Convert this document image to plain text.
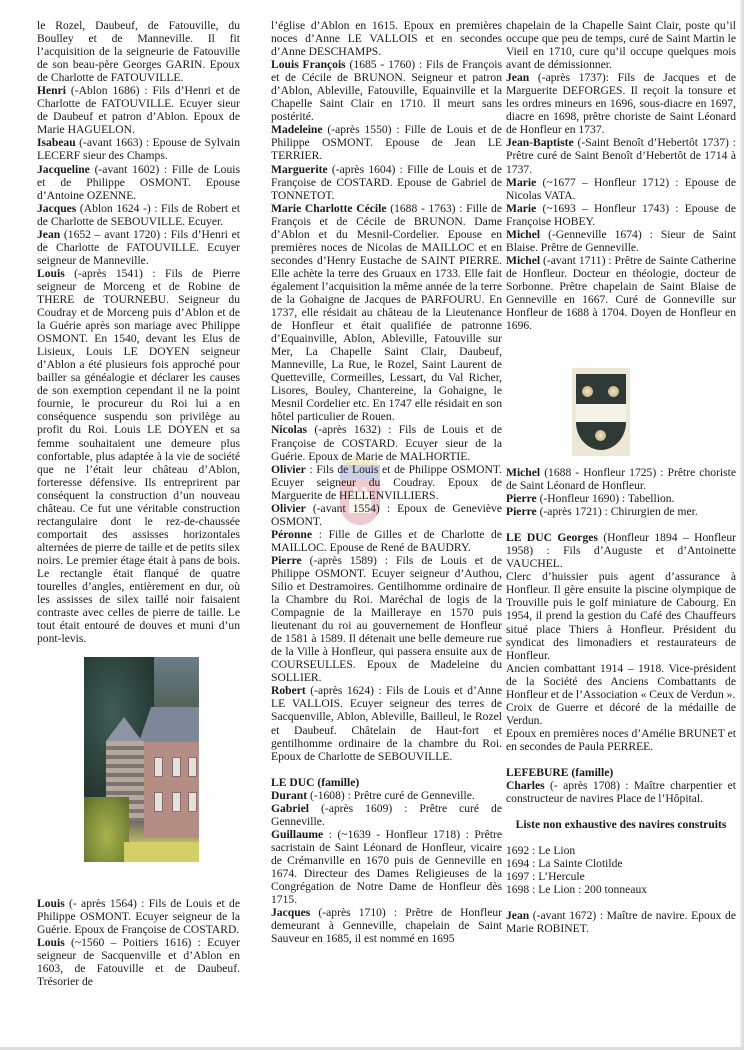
le Rozel, Daubeuf, de Fatouville, du Boulley et de Manneville. Il fit l’acquisition de la seigneurie de Fatouville de son beau-père Georges GARIN. Epoux de Charlotte de FATOUVILLE.

Henri (-Ablon 1686) : Fils d’Henri et de Charlotte de FATOUVILLE. Ecuyer sieur de Daubeuf et patron d’Ablon. Epoux de Marie HAGUELON.

Isabeau (-avant 1663) : Epouse de Sylvain LECERF sieur des Champs.

Jacqueline (-avant 1602) : Fille de Louis et de Philippe OSMONT. Epouse d’Antoine OZENNE.

Jacques (Ablon 1624 -) : Fils de Robert et de Charlotte de SEBOUVILLE. Ecuyer.

Jean (1652 – avant 1720) : Fils d’Henri et de Charlotte de FATOUVILLE. Ecuyer seigneur de Manneville.

Louis (-après 1541) : Fils de Pierre seigneur de Morceng et de Robine de THERE de TOURNEBU. Seigneur du Coudray et de Morceng puis d’Ablon et de la Guérie après son mariage avec Philippe OSMONT. En 1540, devant les Elus de Lisieux, Louis LE DOYEN seigneur d’Ablon a été plusieurs fois approché pour bailler sa généalogie et déclarer les causes de son exemption cependant il ne la point fournie, le procureur du Roi lui a en conséquence suspendu son privilège au profit du Roi. Louis LE DOYEN et sa femme souhaitaient une demeure plus confortable, plus adaptée à la vie de société que ne l’était leur château d’Ablon, forteresse défensive. Ils entreprirent par conséquent la construction d’un nouveau château. Ce fut une véritable construction rectangulaire dont le rez-de-chaussée comportait des assisses horizontales alternées de pierre de taille et de petits silex noirs. Le premier étage était à pans de bois. Le rectangle était flanqué de quatre tourelles d’angles, entièrement en dur, où les assisses de silex taillé noir faisaient contraste avec celles de pierre de taille. Le tout était entouré de douves et muni d’un pont-levis.

Louis (- après 1564) : Fils de Louis et de Philippe OSMONT. Ecuyer seigneur de la Guérie. Epoux de Françoise de COSTARD.

Louis (~1560 – Poitiers 1616) : Ecuyer seigneur de Sacquenville et d’Ablon en 1603, de Fatouville et de Daubeuf. Trésorier de

l’église d’Ablon en 1615. Epoux en premières noces d’Anne LE VALLOIS et en secondes d’Anne DESCHAMPS.

Louis François (1685 - 1760) : Fils de François et de Cécile de BRUNON. Seigneur et patron d’Ablon, Ableville, Fatouville, Equainville et la Chapelle Saint Clair en 1710. Il meurt sans postérité.

Madeleine (-après 1550) : Fille de Louis et de Philippe OSMONT. Epouse de Jean LE TERRIER.

Marguerite (-après 1604) : Fille de Louis et de Françoise de COSTARD. Epouse de Gabriel de TONNETOT.

Marie Charlotte Cécile (1688 - 1763) : Fille de François et de Cécile de BRUNON. Dame d’Ablon et du Mesnil-Cordelier. Epouse en premières noces de Nicolas de MAILLOC et en secondes d’Henry Eustache de SAINT PIERRE. Elle achète la terre des Gruaux en 1733. Elle fait également l’acquisition la même année de la terre de la Gohaigne de Jacques de PARFOURU. En 1737, elle résidait au château de la Lieutenance de Honfleur et était qualifiée de patronne d’Equainville, Ablon, Ableville, Fatouville sur Mer, La Chapelle Saint Clair, Daubeuf, Manneville, La Rue, le Rozel, Saint Laurent de Quetteville, Cormeilles, Lessart, du Val Richer, Lisores, Bouley, Chantereine, la Gohaigne, le Mesnil Cordelier etc. En 1747 elle résidait en son hôtel particulier de Rouen.

Nicolas (-après 1632) : Fils de Louis et de Françoise de COSTARD. Ecuyer sieur de la Guérie. Epoux de Marie de MALHORTIE.

Olivier : Fils de Louis et de Philippe OSMONT. Ecuyer seigneur du Coudray. Epoux de Marguerite de HELLENVILLIERS.

Olivier (-avant 1554) : Epoux de Geneviève OSMONT.

Péronne : Fille de Gilles et de Charlotte de MAILLOC. Epouse de René de BAUDRY.

Pierre (-après 1589) : Fils de Louis et de Philippe OSMONT. Ecuyer seigneur d’Authou, Silio et Destramoires. Gentilhomme ordinaire de la Chambre du Roi. Maréchal de logis de la Compagnie de la Mailleraye en 1570 puis lieutenant du roi au gouvernement de Honfleur de 1581 à 1589. Il détenait une belle demeure rue de la Ville à Honfleur, qui passera ensuite aux de COURSEULLES. Epoux de Madeleine du SOLLIER.

Robert (-après 1624) : Fils de Louis et d’Anne LE VALLOIS. Ecuyer seigneur des terres de Sacquenville, Ablon, Ableville, Bailleul, le Rozel et Daubeuf. Châtelain de Haut-fort et gentilhomme ordinaire de la chambre du Roi. Epoux de Charlotte de SEBOUVILLE.

LE DUC (famille)

Durant (-1608) : Prêtre curé de Genneville.

Gabriel (-après 1609) : Prêtre curé de Genneville.

Guillaume : (~1639 - Honfleur 1718) : Prêtre sacristain de Saint Léonard de Honfleur, vicaire de Crémanville en 1670 puis de Genneville en 1674. Directeur des Dames Religieuses de la Congrégation de Notre Dame de Honfleur dès 1715.

Jacques (-après 1710) : Prêtre de Honfleur demeurant à Genneville, chapelain de Saint Sauveur en 1685, il est nommé en 1695

chapelain de la Chapelle Saint Clair, poste qu’il occupe que peu de temps, curé de Saint Martin le Vieil en 1710, cure qu’il occupe quelques mois avant de démissionner.

Jean (-après 1737): Fils de Jacques et de Marguerite DEFORGES. Il reçoit la tonsure et les ordres mineurs en 1696, sous-diacre en 1697, diacre en 1698, prêtre choriste de Saint Léonard de Honfleur en 1737.

Jean-Baptiste (-Saint Benoît d’Hebertôt 1737) : Prêtre curé de Saint Benoît d’Hebertôt de 1714 à 1737.

Marie (~1677 – Honfleur 1712) : Epouse de Nicolas VATA.

Marie (~1693 – Honfleur 1743) : Epouse de Françoise HOBEY.

Michel (-Genneville 1674) : Sieur de Saint Blaise. Prêtre de Genneville.

Michel (-avant 1711) : Prêtre de Sainte Catherine de Honfleur. Docteur en théologie, docteur de Sorbonne. Prêtre chapelain de Saint Blaise de Genneville en 1667. Curé de Gonneville sur Honfleur de 1688 à 1704. Doyen de Honfleur en 1696.

Michel (1688 - Honfleur 1725) : Prêtre choriste de Saint Léonard de Honfleur.

Pierre (-Honfleur 1690) : Tabellion.

Pierre (-après 1721) : Chirurgien de mer.

LE DUC Georges (Honfleur 1894 – Honfleur 1958) : Fils d’Auguste et d’Antoinette VAUCHEL.

Clerc d’huissier puis agent d’assurance à Honfleur. Il gère ensuite la piscine olympique de Trouville puis le golf miniature de Cabourg. En 1954, il prend la gestion du Café des Chauffeurs situé place Thiers à Honfleur. Président du syndicat des limonadiers et restaurateurs de Honfleur.

Ancien combattant 1914 – 1918. Vice-président de la Société des Anciens Combattants de Honfleur et de l’Association « Ceux de Verdun ».

Croix de Guerre et décoré de la médaille de Verdun.

Epoux en premières noces d’Amélie BRUNET et en secondes de Paula PERREE.

LEFEBURE (famille)

Charles (- après 1708) : Maître charpentier et constructeur de navires Place de l’Hôpital.

Liste non exhaustive des navires construits

1692 : Le Lion

1694 : La Sainte Clotilde

1697 : L’Hercule

1698 : Le Lion : 200 tonneaux

Jean (-avant 1672) : Maître de navire. Epoux de Marie ROBINET.
